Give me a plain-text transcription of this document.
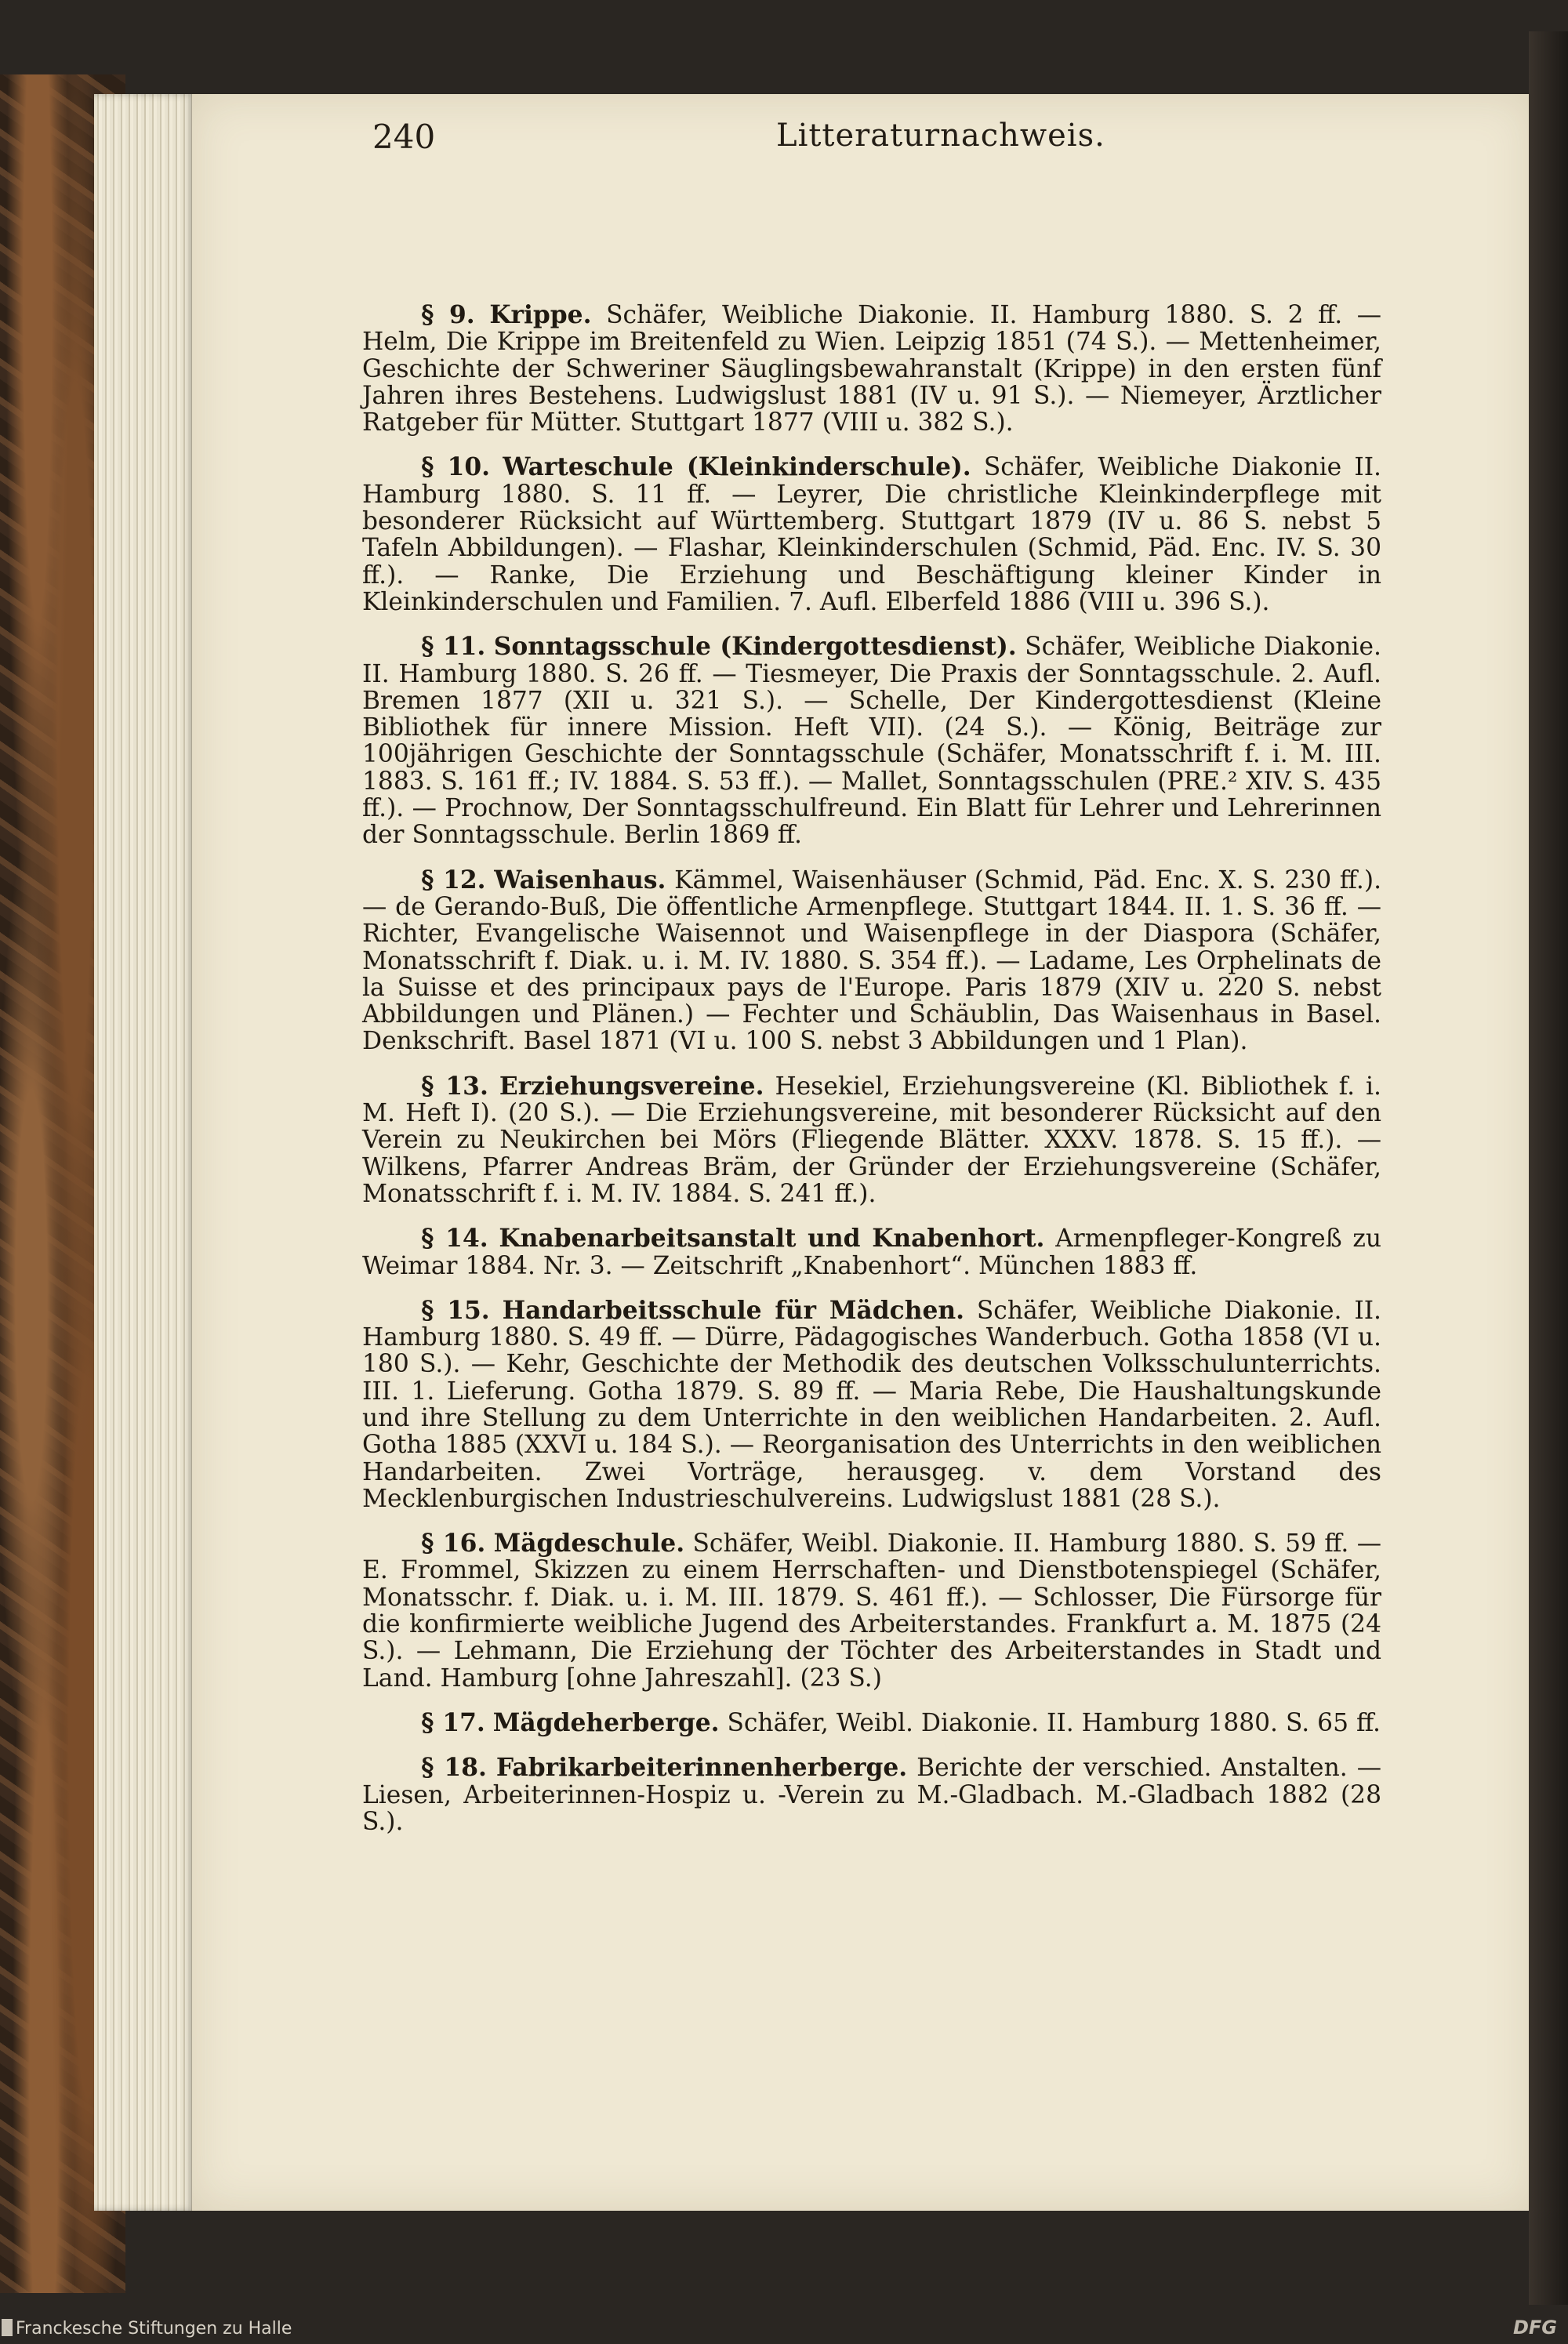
240	Litteraturnachweis.

§ 9. Krippe. Schäfer, Weibliche Diakonie. II. Hamburg 1880. S. 2 ff. — Helm, Die Krippe im Breitenfeld zu Wien. Leipzig 1851 (74 S.). — Mettenheimer, Geschichte der Schweriner Säuglingsbewahranstalt (Krippe) in den ersten fünf Jahren ihres Bestehens. Ludwigslust 1881 (IV u. 91 S.). — Niemeyer, Ärztlicher Ratgeber für Mütter. Stuttgart 1877 (VIII u. 382 S.).

§ 10. Warteschule (Kleinkinderschule). Schäfer, Weibliche Diakonie II. Hamburg 1880. S. 11 ff. — Leyrer, Die christliche Kleinkinderpflege mit besonderer Rücksicht auf Württemberg. Stuttgart 1879 (IV u. 86 S. nebst 5 Tafeln Abbildungen). — Flashar, Kleinkinderschulen (Schmid, Päd. Enc. IV. S. 30 ff.). — Ranke, Die Erziehung und Beschäftigung kleiner Kinder in Kleinkinderschulen und Familien. 7. Aufl. Elberfeld 1886 (VIII u. 396 S.).

§ 11. Sonntagsschule (Kindergottesdienst). Schäfer, Weibliche Diakonie. II. Hamburg 1880. S. 26 ff. — Tiesmeyer, Die Praxis der Sonntagsschule. 2. Aufl. Bremen 1877 (XII u. 321 S.). — Schelle, Der Kindergottesdienst (Kleine Bibliothek für innere Mission. Heft VII). (24 S.). — König, Beiträge zur 100jährigen Geschichte der Sonntagsschule (Schäfer, Monatsschrift f. i. M. III. 1883. S. 161 ff.; IV. 1884. S. 53 ff.). — Mallet, Sonntagsschulen (PRE.² XIV. S. 435 ff.). — Prochnow, Der Sonntagsschulfreund. Ein Blatt für Lehrer und Lehrerinnen der Sonntagsschule. Berlin 1869 ff.

§ 12. Waisenhaus. Kämmel, Waisenhäuser (Schmid, Päd. Enc. X. S. 230 ff.). — de Gerando-Buß, Die öffentliche Armenpflege. Stuttgart 1844. II. 1. S. 36 ff. — Richter, Evangelische Waisennot und Waisenpflege in der Diaspora (Schäfer, Monatsschrift f. Diak. u. i. M. IV. 1880. S. 354 ff.). — Ladame, Les Orphelinats de la Suisse et des principaux pays de l'Europe. Paris 1879 (XIV u. 220 S. nebst Abbildungen und Plänen.) — Fechter und Schäublin, Das Waisenhaus in Basel. Denkschrift. Basel 1871 (VI u. 100 S. nebst 3 Abbildungen und 1 Plan).

§ 13. Erziehungsvereine. Hesekiel, Erziehungsvereine (Kl. Bibliothek f. i. M. Heft I). (20 S.). — Die Erziehungsvereine, mit besonderer Rücksicht auf den Verein zu Neukirchen bei Mörs (Fliegende Blätter. XXXV. 1878. S. 15 ff.). — Wilkens, Pfarrer Andreas Bräm, der Gründer der Erziehungsvereine (Schäfer, Monatsschrift f. i. M. IV. 1884. S. 241 ff.).

§ 14. Knabenarbeitsanstalt und Knabenhort. Armenpfleger-Kongreß zu Weimar 1884. Nr. 3. — Zeitschrift „Knabenhort“. München 1883 ff.

§ 15. Handarbeitsschule für Mädchen. Schäfer, Weibliche Diakonie. II. Hamburg 1880. S. 49 ff. — Dürre, Pädagogisches Wanderbuch. Gotha 1858 (VI u. 180 S.). — Kehr, Geschichte der Methodik des deutschen Volksschulunterrichts. III. 1. Lieferung. Gotha 1879. S. 89 ff. — Maria Rebe, Die Haushaltungskunde und ihre Stellung zu dem Unterrichte in den weiblichen Handarbeiten. 2. Aufl. Gotha 1885 (XXVI u. 184 S.). — Reorganisation des Unterrichts in den weiblichen Handarbeiten. Zwei Vorträge, herausgeg. v. dem Vorstand des Mecklenburgischen Industrieschulvereins. Ludwigslust 1881 (28 S.).

§ 16. Mägdeschule. Schäfer, Weibl. Diakonie. II. Hamburg 1880. S. 59 ff. — E. Frommel, Skizzen zu einem Herrschaften- und Dienstbotenspiegel (Schäfer, Monatsschr. f. Diak. u. i. M. III. 1879. S. 461 ff.). — Schlosser, Die Fürsorge für die konfirmierte weibliche Jugend des Arbeiterstandes. Frankfurt a. M. 1875 (24 S.). — Lehmann, Die Erziehung der Töchter des Arbeiterstandes in Stadt und Land. Hamburg [ohne Jahreszahl]. (23 S.)

§ 17. Mägdeherberge. Schäfer, Weibl. Diakonie. II. Hamburg 1880. S. 65 ff.

§ 18. Fabrikarbeiterinnenherberge. Berichte der verschied. Anstalten. — Liesen, Arbeiterinnen-Hospiz u. -Verein zu M.-Gladbach. M.-Gladbach 1882 (28 S.).

Franckesche Stiftungen zu Halle	DFG
